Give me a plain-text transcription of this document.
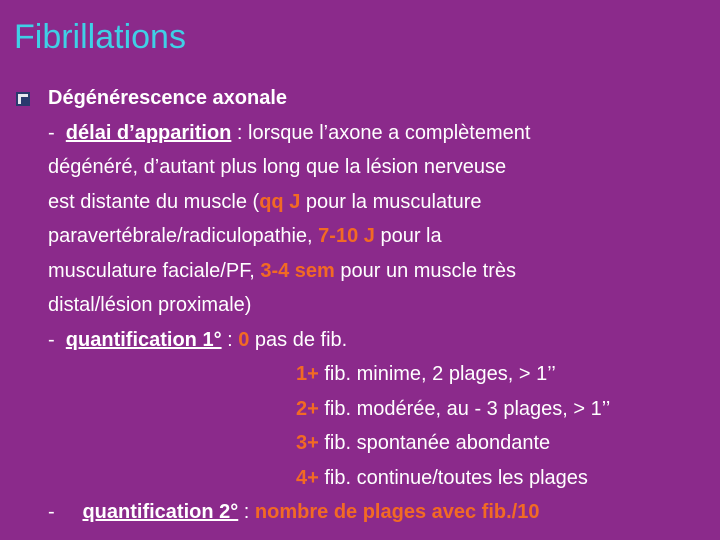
Fibrillations
Dégénérescence axonale
- délai d’apparition : lorsque l’axone a complètement
dégénéré, d’autant plus long que la lésion nerveuse
est distante du muscle (qq J pour la musculature
paravertébrale/radiculopathie, 7-10 J pour la
musculature faciale/PF, 3-4 sem pour un muscle très
distal/lésion proximale)
- quantification 1° : 0 pas de fib.
1+ fib. minime, 2 plages, > 1’’
2+ fib. modérée, au - 3 plages, > 1’’
3+ fib. spontanée abondante
4+ fib. continue/toutes les plages
- quantification 2° : nombre de plages avec fib./10
